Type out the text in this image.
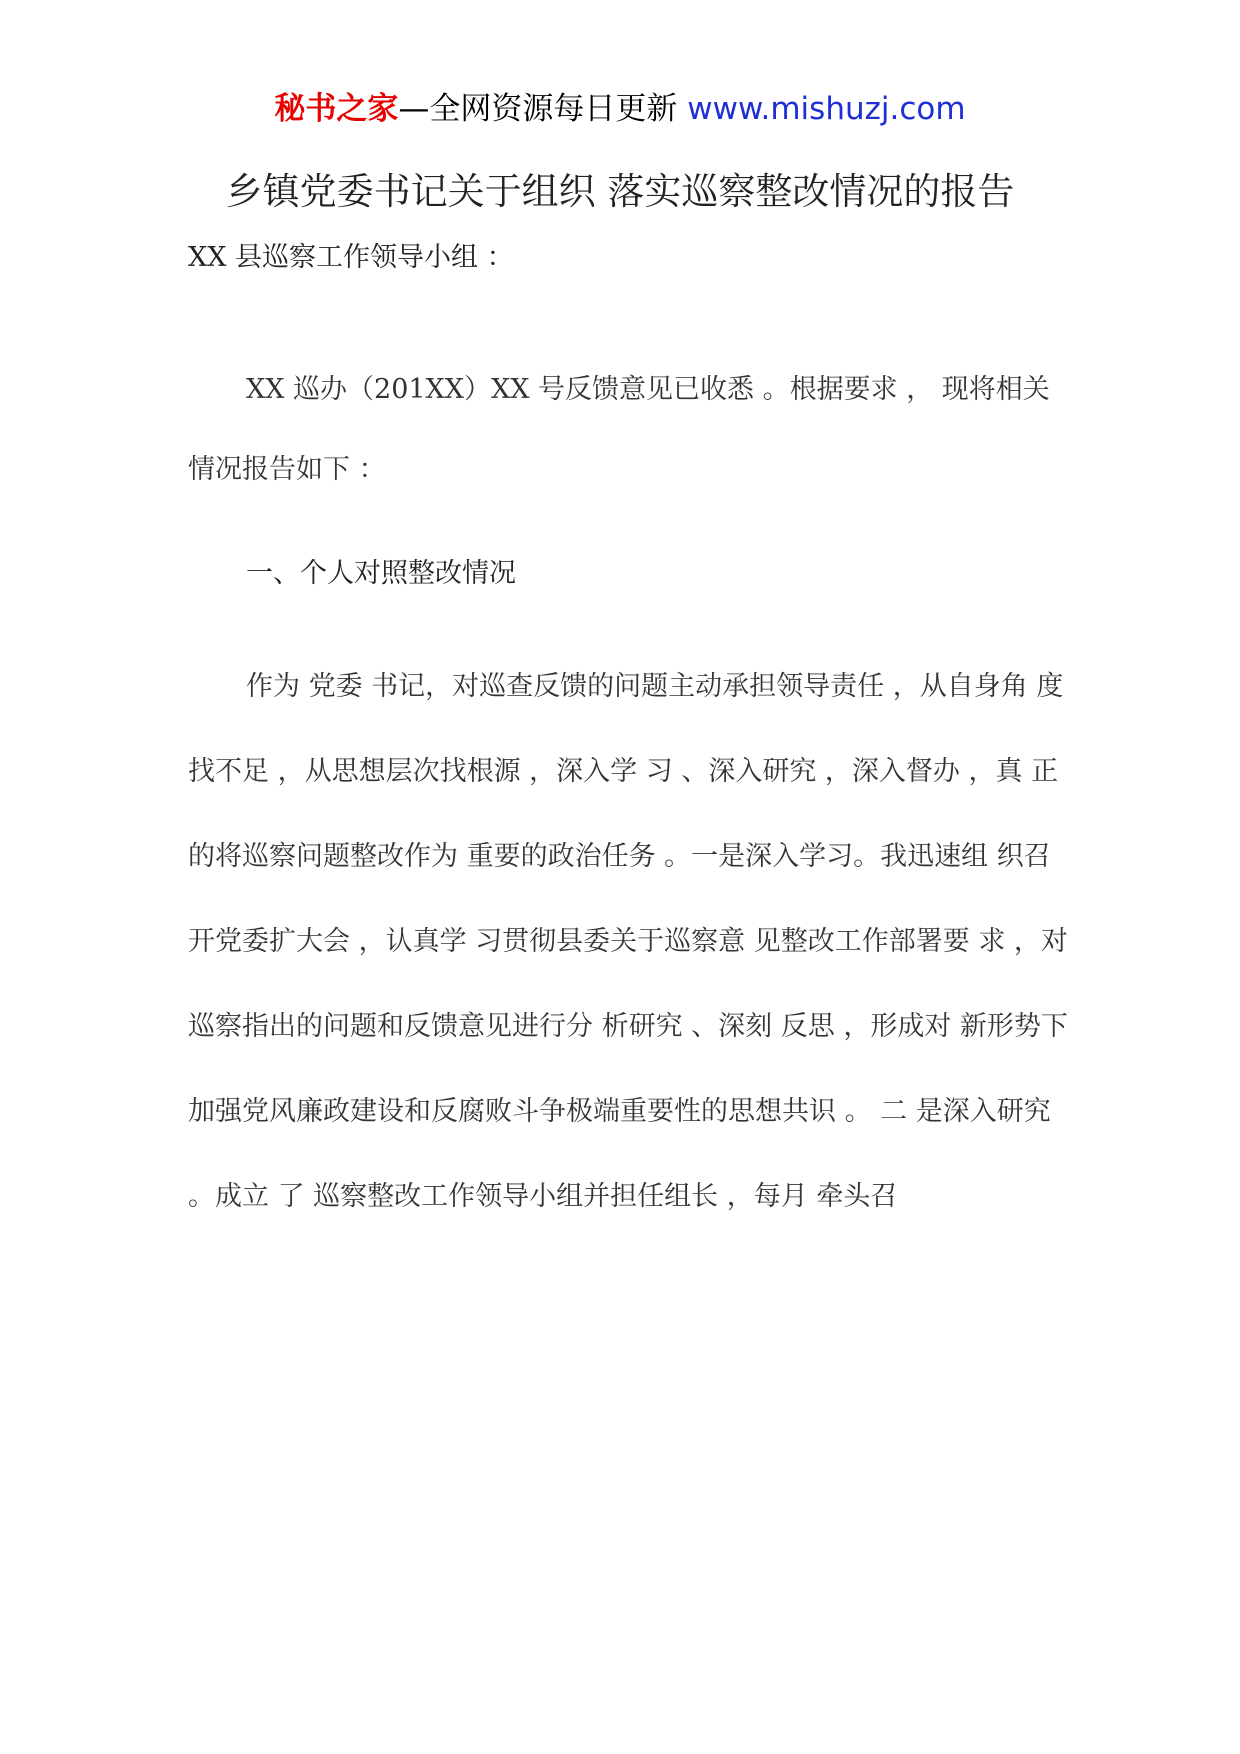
秘书之家—全网资源每日更新 www.mishuzj.com
乡镇党委书记关于组织 落实巡察整改情况的报告
XX 县巡察工作领导小组 ：
XX 巡办（201XX）XX 号反馈意见已收悉 。根据要求 ， 现将相关情况报告如下 ：
一、个人对照整改情况
作为 党委 书记，对巡查反馈的问题主动承担领导责任 ，从自身角 度找不足 ，从思想层次找根源 ，深入学 习 、深入研究 ，深入督办 ，真 正的将巡察问题整改作为 重要的政治任务 。一是深入学习。我迅速组 织召开党委扩大会 ，认真学 习贯彻县委关于巡察意 见整改工作部署要 求 ，对巡察指出的问题和反馈意见进行分 析研究 、深刻 反思 ，形成对 新形势下加强党风廉政建设和反腐败斗争极端重要性的思想共识 。 二 是深入研究 。成立 了 巡察整改工作领导小组并担任组长 ，每月 牵头召
